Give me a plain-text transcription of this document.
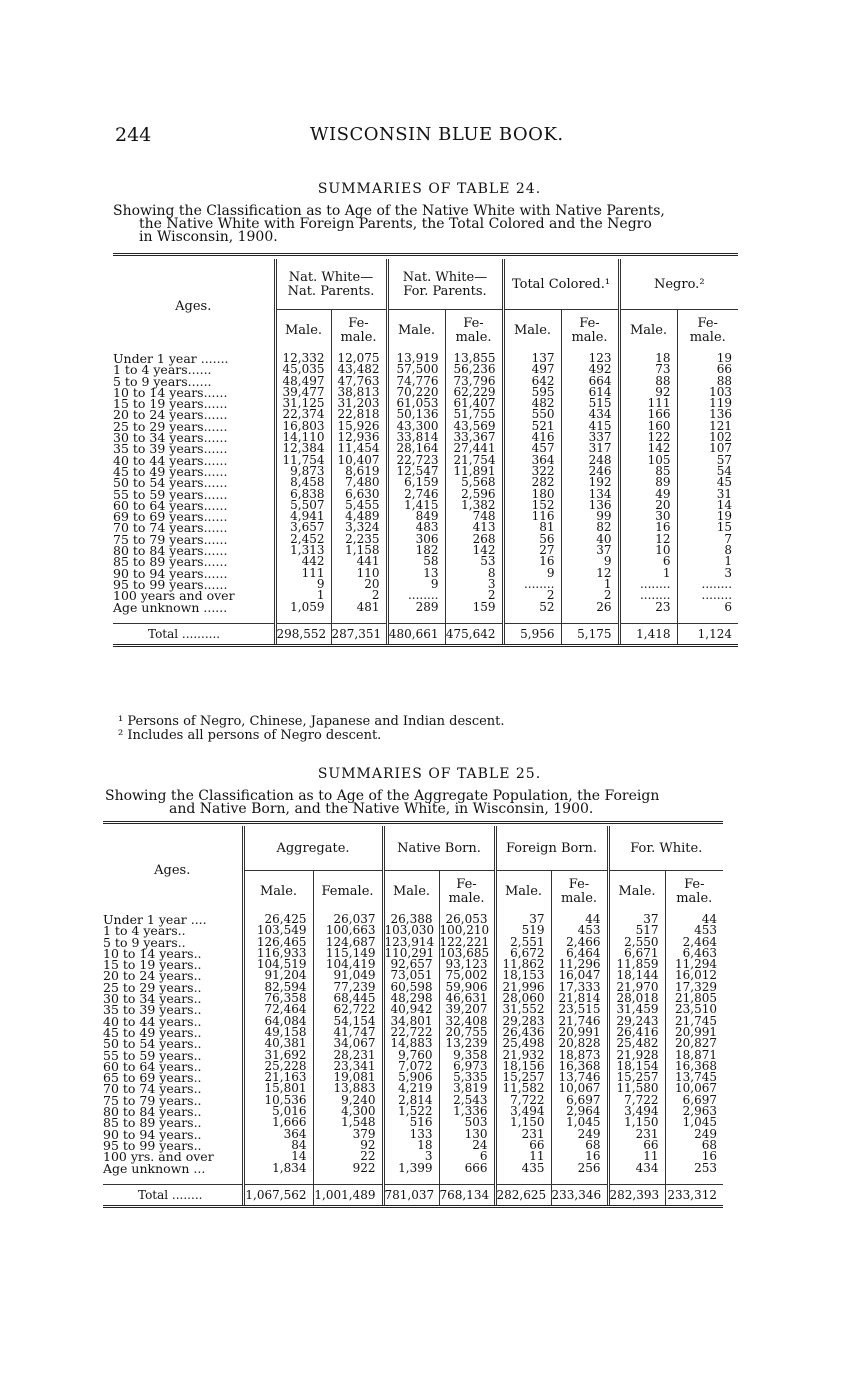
244	WISCONSIN BLUE BOOK.
SUMMARIES OF TABLE 24.
Showing the Classification as to Age of the Native White with Native Parents,
the Native White with Foreign Parents, the Total Colored and the Negro
in Wisconsin, 1900.
Ages.	Nat. White— Nat. Parents.		Nat. White— For. Parents.		Total Colored.¹		Negro.²	
	Male.	Fe- male.	Male.	Fe- male.	Male.	Fe- male.	Male.	Fe- male.
Under 1 year .......	12,332	12,075	13,919	13,855	137	123	18	19
1 to 4 years......	45,035	43,482	57,500	56,236	497	492	73	66
5 to 9 years......	48,497	47,763	74,776	73,796	642	664	88	88
10 to 14 years......	39,477	38,813	70,220	62,229	595	614	92	103
15 to 19 years......	31,125	31,203	61,053	61,407	482	515	111	119
20 to 24 years......	22,374	22,818	50,136	51,755	550	434	166	136
25 to 29 years......	16,803	15,926	43,300	43,569	521	415	160	121
30 to 34 years......	14,110	12,936	33,814	33,367	416	337	122	102
35 to 39 years......	12,384	11,454	28,164	27,441	457	317	142	107
40 to 44 years......	11,754	10,407	22,723	21,754	364	248	105	57
45 to 49 years......	9,873	8,619	12,547	11,891	322	246	85	54
50 to 54 years......	8,458	7,480	6,159	5,568	282	192	89	45
55 to 59 years......	6,838	6,630	2,746	2,596	180	134	49	31
60 to 64 years......	5,507	5,455	1,415	1,382	152	136	20	14
69 to 69 years......	4,941	4,489	849	748	116	99	30	19
70 to 74 years......	3,657	3,324	483	413	81	82	16	15
75 to 79 years......	2,452	2,235	306	268	56	40	12	7
80 to 84 years......	1,313	1,158	182	142	27	37	10	8
85 to 89 years......	442	441	58	53	16	9	6	1
90 to 94 years......	111	110	13	8	9	12	1	3
95 to 99 years......	9	20	9	3	........	1	........	........
100 years and over	1	2	........	2	2	2	........	........
Age unknown ......	1,059	481	289	159	52	26	23	6
Total ..........	298,552	287,351	480,661	475,642	5,956	5,175	1,418	1,124
¹ Persons of Negro, Chinese, Japanese and Indian descent.
² Includes all persons of Negro descent.
SUMMARIES OF TABLE 25.
Showing the Classification as to Age of the Aggregate Population, the Foreign
and Native Born, and the Native White, in Wisconsin, 1900.
Ages.	Aggregate.		Native Born.		Foreign Born.		For. White.	
	Male.	Female.	Male.	Fe- male.	Male.	Fe- male.	Male.	Fe- male.
Under 1 year ....	26,425	26,037	26,388	26,053	37	44	37	44
1 to 4 years..	103,549	100,663	103,030	100,210	519	453	517	453
5 to 9 years..	126,465	124,687	123,914	122,221	2,551	2,466	2,550	2,464
10 to 14 years..	116,933	115,149	110,291	103,685	6,672	6,464	6,671	6,463
15 to 19 years..	104,519	104,419	92,657	93,123	11,862	11,296	11,859	11,294
20 to 24 years..	91,204	91,049	73,051	75,002	18,153	16,047	18,144	16,012
25 to 29 years..	82,594	77,239	60,598	59,906	21,996	17,333	21,970	17,329
30 to 34 years..	76,358	68,445	48,298	46,631	28,060	21,814	28,018	21,805
35 to 39 years..	72,464	62,722	40,942	39,207	31,552	23,515	31,459	23,510
40 to 44 years..	64,084	54,154	34,801	32,408	29,283	21,746	29,243	21,745
45 to 49 years..	49,158	41,747	22,722	20,755	26,436	20,991	26,416	20,991
50 to 54 years..	40,381	34,067	14,883	13,239	25,498	20,828	25,482	20,827
55 to 59 years..	31,692	28,231	9,760	9,358	21,932	18,873	21,928	18,871
60 to 64 years..	25,228	23,341	7,072	6,973	18,156	16,368	18,154	16,368
65 to 69 years..	21,163	19,081	5,906	5,335	15,257	13,746	15,257	13,745
70 to 74 years..	15,801	13,883	4,219	3,819	11,582	10,067	11,580	10,067
75 to 79 years..	10,536	9,240	2,814	2,543	7,722	6,697	7,722	6,697
80 to 84 years..	5,016	4,300	1,522	1,336	3,494	2,964	3,494	2,963
85 to 89 years..	1,666	1,548	516	503	1,150	1,045	1,150	1,045
90 to 94 years..	364	379	133	130	231	249	231	249
95 to 99 years..	84	92	18	24	66	68	66	68
100 yrs. and over	14	22	3	6	11	16	11	16
Age unknown ...	1,834	922	1,399	666	435	256	434	253
Total ........	1,067,562	1,001,489	781,037	768,134	282,625	233,346	282,393	233,312
